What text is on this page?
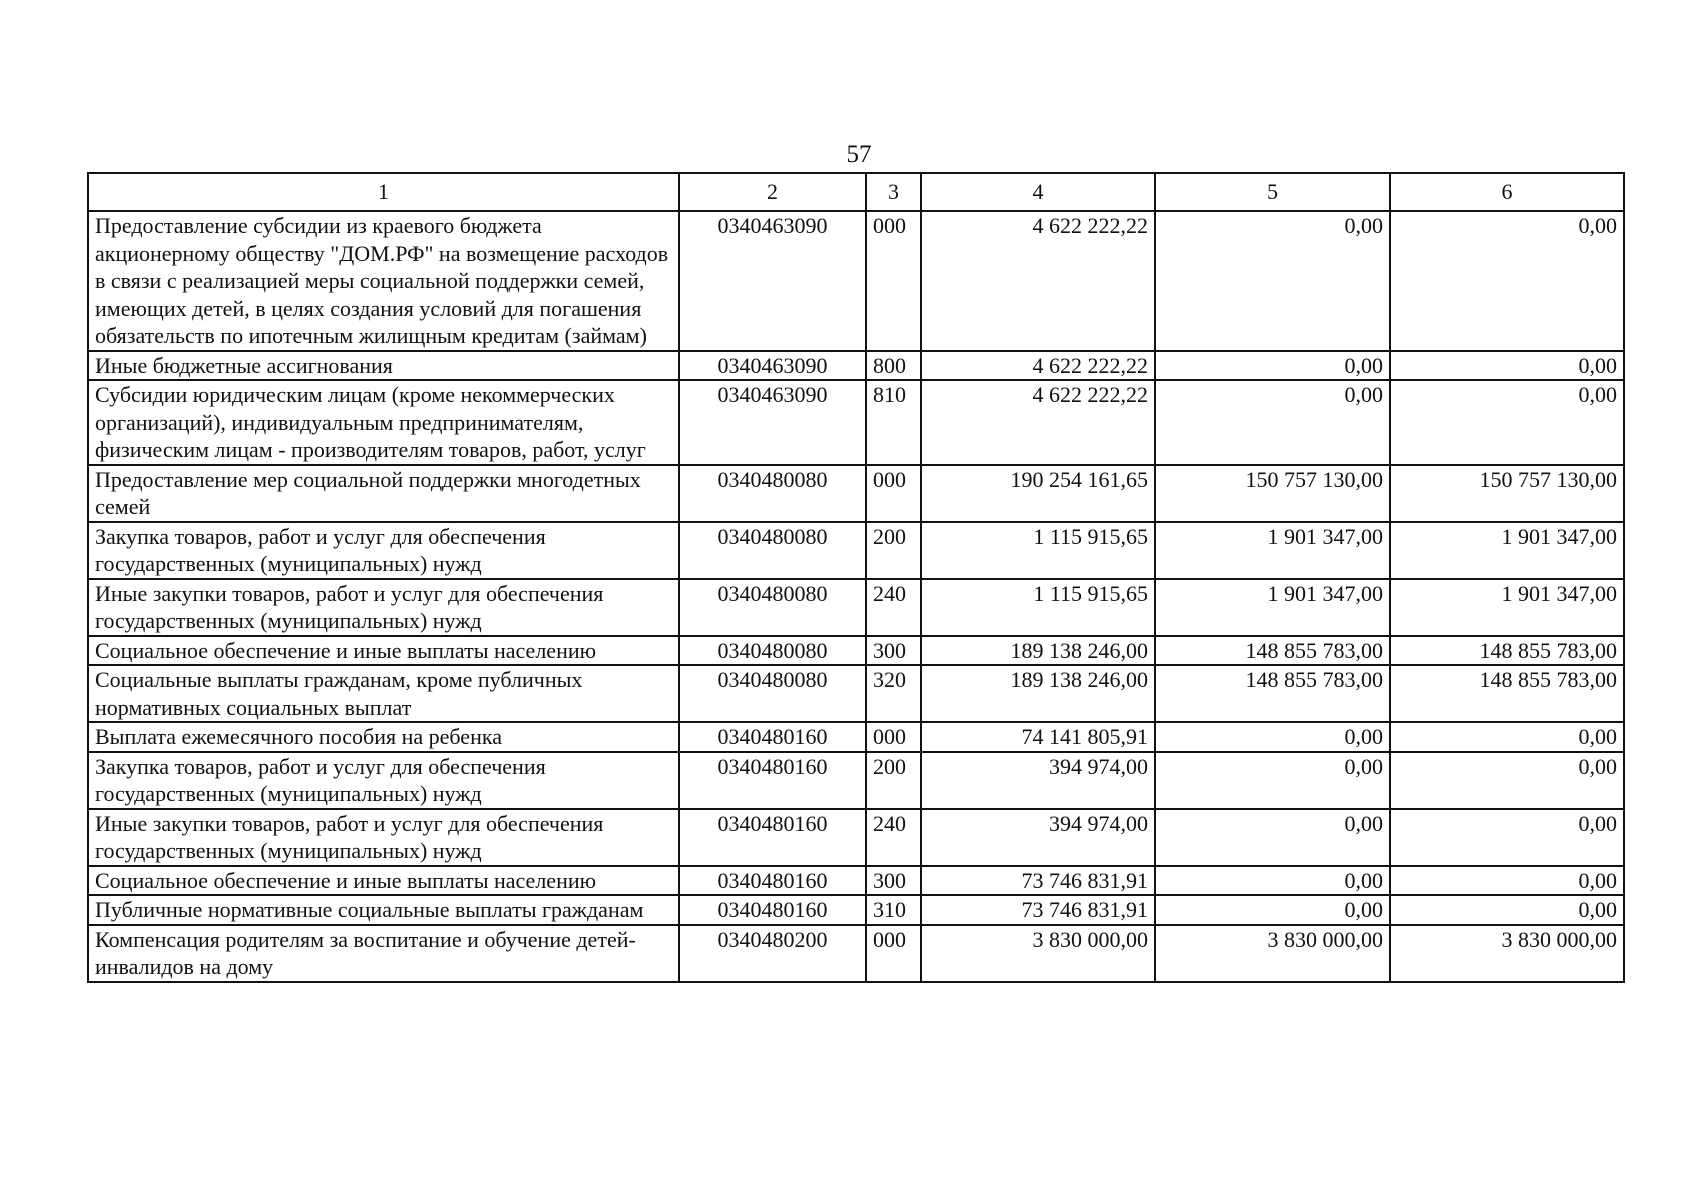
57
1	2	3	4	5	6
Предоставление субсидии из краевого бюджета акционерному обществу "ДОМ.РФ" на возмещение расходов в связи с реализацией меры социальной поддержки семей, имеющих детей, в целях создания условий для погашения обязательств по ипотечным жилищным кредитам (займам)	0340463090	000	4 622 222,22	0,00	0,00
Иные бюджетные ассигнования	0340463090	800	4 622 222,22	0,00	0,00
Субсидии юридическим лицам (кроме некоммерческих организаций), индивидуальным предпринимателям, физическим лицам - производителям товаров, работ, услуг	0340463090	810	4 622 222,22	0,00	0,00
Предоставление мер социальной поддержки многодетных семей	0340480080	000	190 254 161,65	150 757 130,00	150 757 130,00
Закупка товаров, работ и услуг для обеспечения государственных (муниципальных) нужд	0340480080	200	1 115 915,65	1 901 347,00	1 901 347,00
Иные закупки товаров, работ и услуг для обеспечения государственных (муниципальных) нужд	0340480080	240	1 115 915,65	1 901 347,00	1 901 347,00
Социальное обеспечение и иные выплаты населению	0340480080	300	189 138 246,00	148 855 783,00	148 855 783,00
Социальные выплаты гражданам, кроме публичных нормативных социальных выплат	0340480080	320	189 138 246,00	148 855 783,00	148 855 783,00
Выплата ежемесячного пособия на ребенка	0340480160	000	74 141 805,91	0,00	0,00
Закупка товаров, работ и услуг для обеспечения государственных (муниципальных) нужд	0340480160	200	394 974,00	0,00	0,00
Иные закупки товаров, работ и услуг для обеспечения государственных (муниципальных) нужд	0340480160	240	394 974,00	0,00	0,00
Социальное обеспечение и иные выплаты населению	0340480160	300	73 746 831,91	0,00	0,00
Публичные нормативные социальные выплаты гражданам	0340480160	310	73 746 831,91	0,00	0,00
Компенсация родителям за воспитание и обучение детей-инвалидов на дому	0340480200	000	3 830 000,00	3 830 000,00	3 830 000,00
